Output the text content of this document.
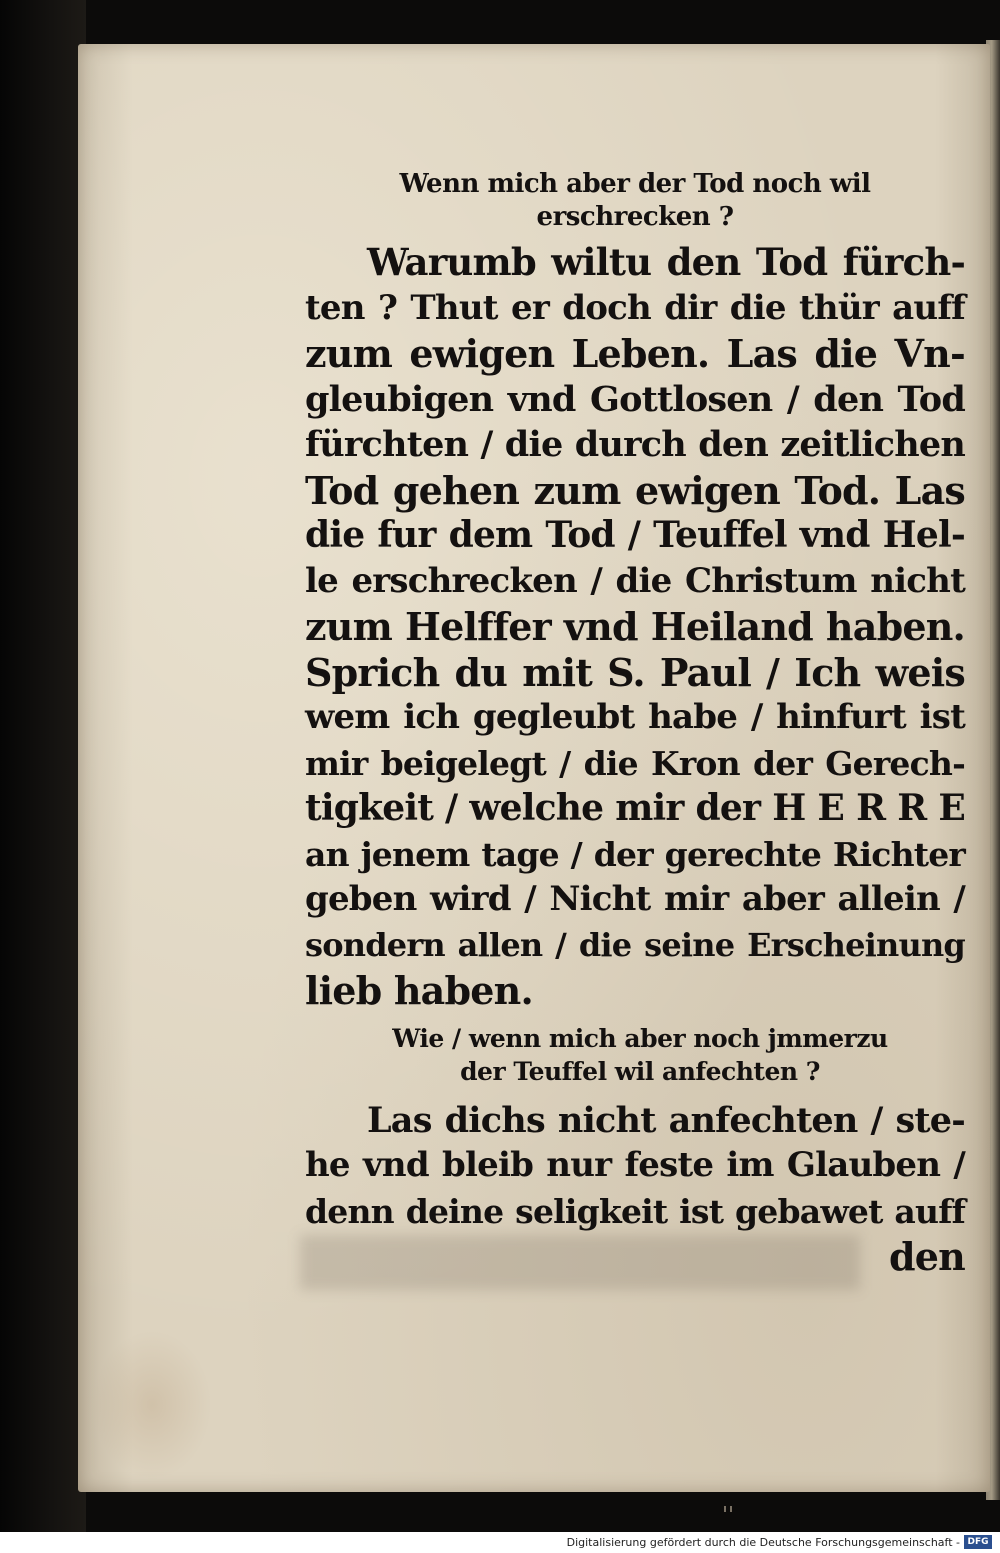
Wenn mich aber der Tod noch wil
erschrecken ?

Warumb wiltu den Tod fürch-
ten ? Thut er doch dir die thür auff
zum ewigen Leben. Las die Vn-
gleubigen vnd Gottlosen / den Tod
fürchten / die durch den zeitlichen
Tod gehen zum ewigen Tod. Las
die fur dem Tod / Teuffel vnd Hel-
le erschrecken / die Christum nicht
zum Helffer vnd Heiland haben.
Sprich du mit S. Paul / Ich weis
wem ich gegleubt habe / hinfurt ist
mir beigelegt / die Kron der Gerech-
tigkeit / welche mir der H E R R E
an jenem tage / der gerechte Richter
geben wird / Nicht mir aber allein /
sondern allen / die seine Erscheinung
lieb haben.

Wie / wenn mich aber noch jmmerzu
der Teuffel wil anfechten ?

Las dichs nicht anfechten / ste-
he vnd bleib nur feste im Glauben /
denn deine seligkeit ist gebawet auff
den
Digitalisierung gefördert durch die Deutsche Forschungsgemeinschaft - DFG
